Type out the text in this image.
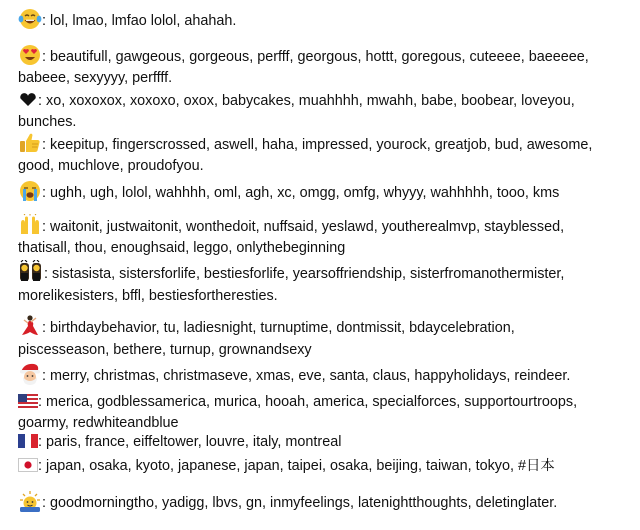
: lol, lmao, lmfao lolol, ahahah.
: beautifull, gawgeous, gorgeous, perfff, georgous, hottt, goregous, cuteeee, baeeeee,
babeee, sexyyyy, perffff.
: xo, xoxoxox, xoxoxo, oxox, babycakes, muahhhh, mwahh, babe, boobear, loveyou,
bunches.
: keepitup, fingerscrossed, aswell, haha, impressed, yourock, greatjob, bud, awesome,
good, muchlove, proudofyou.
: ughh, ugh, lolol, wahhhh, oml, agh, xc, omgg, omfg, whyyy, wahhhhh, tooo, kms
: waitonit, justwaitonit, wonthedoit, nuffsaid, yeslawd, youtherealmvp, stayblessed,
thatisall, thou, enoughsaid, leggo, onlythebeginning
: sistasista, sistersforlife, bestiesforlife, yearsoffriendship, sisterfromanothermister,
morelikesisters, bffl, bestiesfortheresties.
: birthdaybehavior, tu, ladiesnight, turnuptime, dontmissit, bdaycelebration,
piscesseason, bethere, turnup, grownandsexy
: merry, christmas, christmaseve, xmas, eve, santa, claus, happyholidays, reindeer.
: merica, godblessamerica, murica, hooah, america, specialforces, supportourtroops,
goarmy, redwhiteandblue
: paris, france, eiffeltower, louvre, italy, montreal
: japan, osaka, kyoto, japanese, japan, taipei, osaka, beijing, taiwan, tokyo, #日本
: goodmorningtho, yadigg, lbvs, gn, inmyfeelings, latenightthoughts, deletinglater.
